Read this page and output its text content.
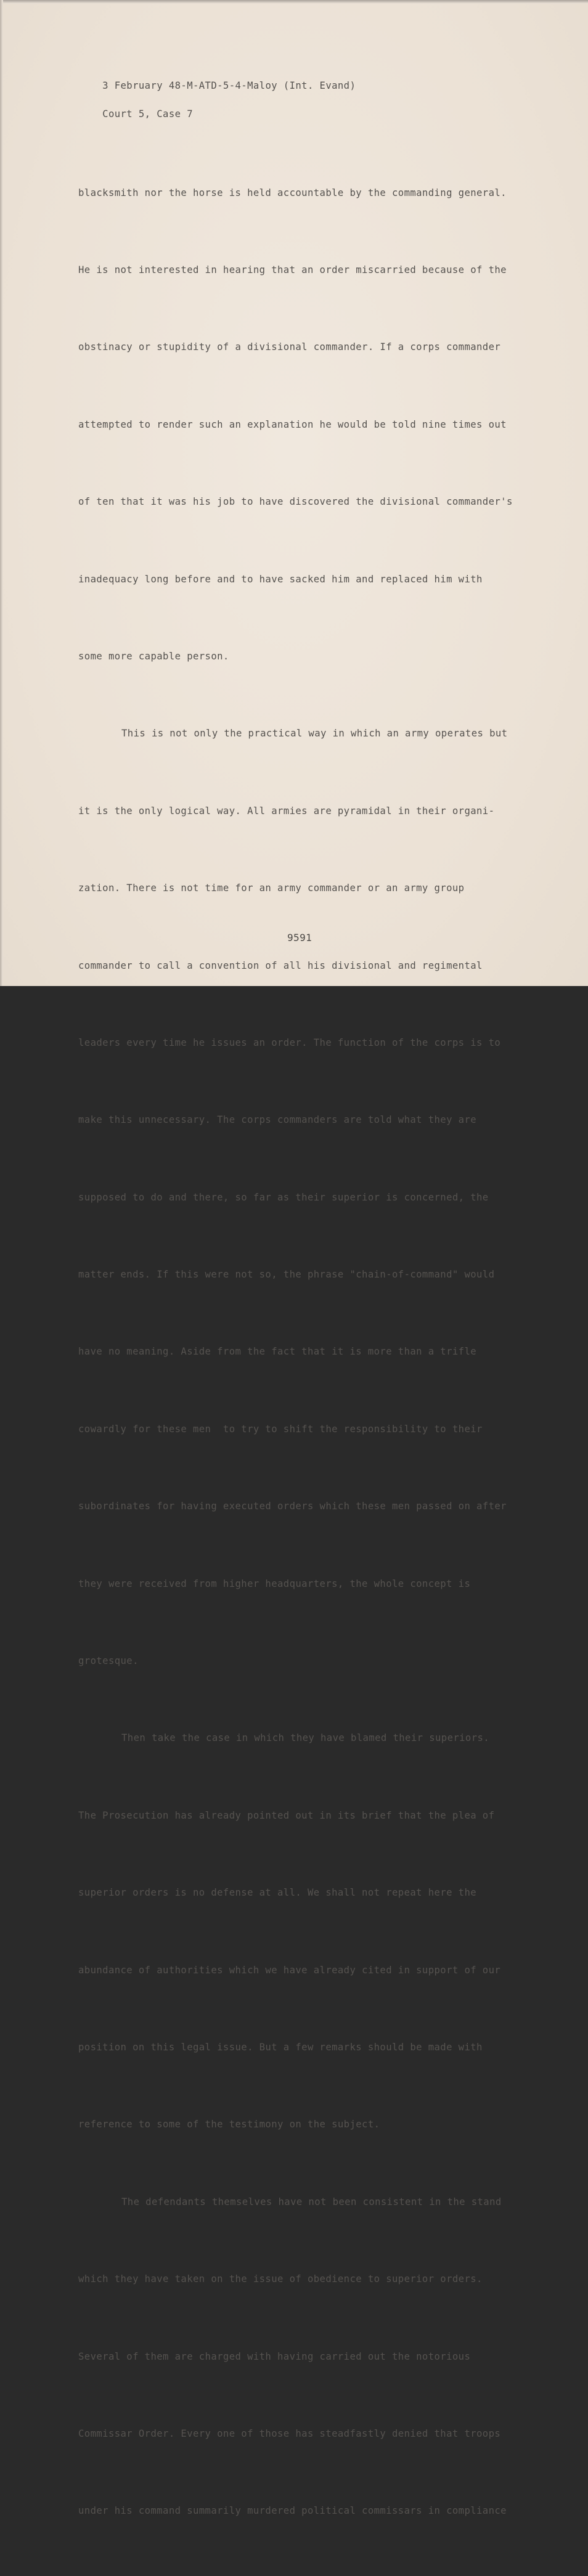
3 February 48-M-ATD-5-4-Maloy (Int. Evand)

Court 5, Case 7

blacksmith nor the horse is held accountable by the commanding general.

He is not interested in hearing that an order miscarried because of the

obstinacy or stupidity of a divisional commander. If a corps commander

attempted to render such an explanation he would be told nine times out

of ten that it was his job to have discovered the divisional commander's

inadequacy long before and to have sacked him and replaced him with

some more capable person.

This is not only the practical way in which an army operates but

it is the only logical way. All armies are pyramidal in their organi-

zation. There is not time for an army commander or an army group

commander to call a convention of all his divisional and regimental

leaders every time he issues an order. The function of the corps is to

make this unnecessary. The corps commanders are told what they are

supposed to do and there, so far as their superior is concerned, the

matter ends. If this were not so, the phrase "chain-of-command" would

have no meaning. Aside from the fact that it is more than a trifle

cowardly for these men  to try to shift the responsibility to their

subordinates for having executed orders which these men passed on after

they were received from higher headquarters, the whole concept is

grotesque.

Then take the case in which they have blamed their superiors.

The Prosecution has already pointed out in its brief that the plea of

superior orders is no defense at all. We shall not repeat here the

abundance of authorities which we have already cited in support of our

position on this legal issue. But a few remarks should be made with

reference to some of the testimony on the subject.

The defendants themselves have not been consistent in the stand

which they have taken on the issue of obedience to superior orders.

Several of them are charged with having carried out the notorious

Commissar Order. Every one of those has steadfastly denied that troops

under his command summarily murdered political commissars in compliance

9591
